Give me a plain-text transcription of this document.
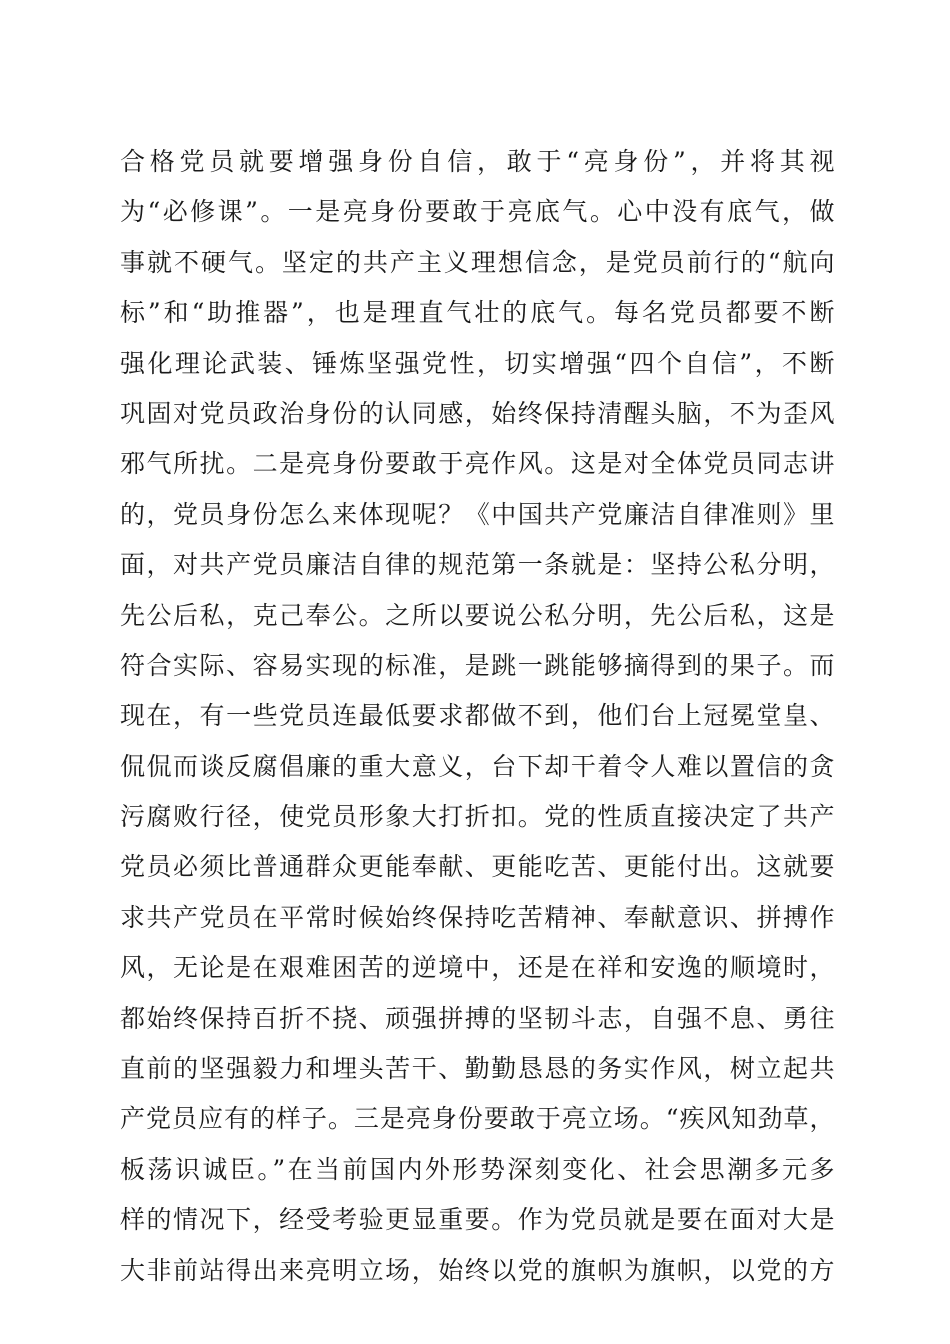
合格党员就要增强身份自信，敢于“亮身份”，并将其视
为“必修课”。一是亮身份要敢于亮底气。心中没有底气，做
事就不硬气。坚定的共产主义理想信念，是党员前行的“航向
标”和“助推器”，也是理直气壮的底气。每名党员都要不断
强化理论武装、锤炼坚强党性，切实增强“四个自信”，不断
巩固对党员政治身份的认同感，始终保持清醒头脑，不为歪风
邪气所扰。二是亮身份要敢于亮作风。这是对全体党员同志讲
的，党员身份怎么来体现呢？《中国共产党廉洁自律准则》里
面，对共产党员廉洁自律的规范第一条就是：坚持公私分明，
先公后私，克己奉公。之所以要说公私分明，先公后私，这是
符合实际、容易实现的标准，是跳一跳能够摘得到的果子。而
现在，有一些党员连最低要求都做不到，他们台上冠冕堂皇、
侃侃而谈反腐倡廉的重大意义，台下却干着令人难以置信的贪
污腐败行径，使党员形象大打折扣。党的性质直接决定了共产
党员必须比普通群众更能奉献、更能吃苦、更能付出。这就要
求共产党员在平常时候始终保持吃苦精神、奉献意识、拼搏作
风，无论是在艰难困苦的逆境中，还是在祥和安逸的顺境时，
都始终保持百折不挠、顽强拼搏的坚韧斗志，自强不息、勇往
直前的坚强毅力和埋头苦干、勤勤恳恳的务实作风，树立起共
产党员应有的样子。三是亮身份要敢于亮立场。“疾风知劲草，
板荡识诚臣。”在当前国内外形势深刻变化、社会思潮多元多
样的情况下，经受考验更显重要。作为党员就是要在面对大是
大非前站得出来亮明立场，始终以党的旗帜为旗帜，以党的方
